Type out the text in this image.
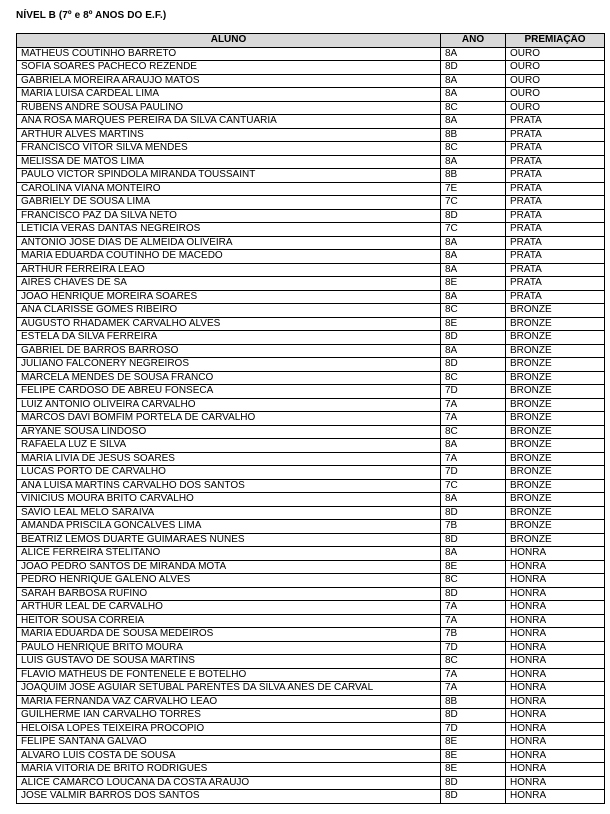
NÍVEL B (7º e 8º ANOS DO E.F.)
ALUNO	ANO	PREMIAÇÃO
MATHEUS COUTINHO BARRETO	8A	OURO
SOFIA SOARES PACHECO REZENDE	8D	OURO
GABRIELA MOREIRA ARAUJO MATOS	8A	OURO
MARIA LUISA CARDEAL LIMA	8A	OURO
RUBENS ANDRE SOUSA PAULINO	8C	OURO
ANA ROSA MARQUES PEREIRA DA SILVA CANTUARIA	8A	PRATA
ARTHUR ALVES MARTINS	8B	PRATA
FRANCISCO VITOR SILVA MENDES	8C	PRATA
MELISSA DE MATOS LIMA	8A	PRATA
PAULO VICTOR SPINDOLA MIRANDA TOUSSAINT	8B	PRATA
CAROLINA VIANA MONTEIRO	7E	PRATA
GABRIELY DE SOUSA LIMA	7C	PRATA
FRANCISCO PAZ DA SILVA NETO	8D	PRATA
LETICIA VERAS DANTAS NEGREIROS	7C	PRATA
ANTONIO JOSE DIAS DE ALMEIDA OLIVEIRA	8A	PRATA
MARIA EDUARDA COUTINHO DE MACEDO	8A	PRATA
ARTHUR FERREIRA LEAO	8A	PRATA
AIRES CHAVES DE SA	8E	PRATA
JOAO HENRIQUE MOREIRA SOARES	8A	PRATA
ANA CLARISSE GOMES RIBEIRO	8C	BRONZE
AUGUSTO RHADAMEK CARVALHO ALVES	8E	BRONZE
ESTELA DA SILVA FERREIRA	8D	BRONZE
GABRIEL DE BARROS BARROSO	8A	BRONZE
JULIANO FALCONERY NEGREIROS	8D	BRONZE
MARCELA MENDES DE SOUSA FRANCO	8C	BRONZE
FELIPE CARDOSO DE ABREU FONSECA	7D	BRONZE
LUIZ ANTONIO OLIVEIRA CARVALHO	7A	BRONZE
MARCOS DAVI BOMFIM PORTELA DE CARVALHO	7A	BRONZE
ARYANE SOUSA LINDOSO	8C	BRONZE
RAFAELA LUZ E SILVA	8A	BRONZE
MARIA LIVIA DE JESUS SOARES	7A	BRONZE
LUCAS PORTO DE CARVALHO	7D	BRONZE
ANA LUISA MARTINS CARVALHO DOS SANTOS	7C	BRONZE
VINICIUS MOURA BRITO CARVALHO	8A	BRONZE
SAVIO LEAL MELO SARAIVA	8D	BRONZE
AMANDA PRISCILA GONCALVES LIMA	7B	BRONZE
BEATRIZ LEMOS DUARTE GUIMARAES NUNES	8D	BRONZE
ALICE FERREIRA STELITANO	8A	HONRA
JOAO PEDRO SANTOS DE MIRANDA MOTA	8E	HONRA
PEDRO HENRIQUE GALENO ALVES	8C	HONRA
SARAH BARBOSA RUFINO	8D	HONRA
ARTHUR LEAL DE CARVALHO	7A	HONRA
HEITOR SOUSA CORREIA	7A	HONRA
MARIA EDUARDA DE SOUSA MEDEIROS	7B	HONRA
PAULO HENRIQUE BRITO MOURA	7D	HONRA
LUIS GUSTAVO DE SOUSA MARTINS	8C	HONRA
FLAVIO MATHEUS DE FONTENELE E BOTELHO	7A	HONRA
JOAQUIM JOSE AGUIAR SETUBAL PARENTES DA SILVA ANES DE CARVAL	7A	HONRA
MARIA FERNANDA VAZ CARVALHO LEAO	8B	HONRA
GUILHERME IAN CARVALHO TORRES	8D	HONRA
HELOISA LOPES TEIXEIRA PROCOPIO	7D	HONRA
FELIPE SANTANA GALVAO	8E	HONRA
ALVARO LUIS COSTA DE SOUSA	8E	HONRA
MARIA VITORIA DE BRITO RODRIGUES	8E	HONRA
ALICE CAMARCO LOUCANA DA COSTA ARAUJO	8D	HONRA
JOSE VALMIR BARROS DOS SANTOS	8D	HONRA
